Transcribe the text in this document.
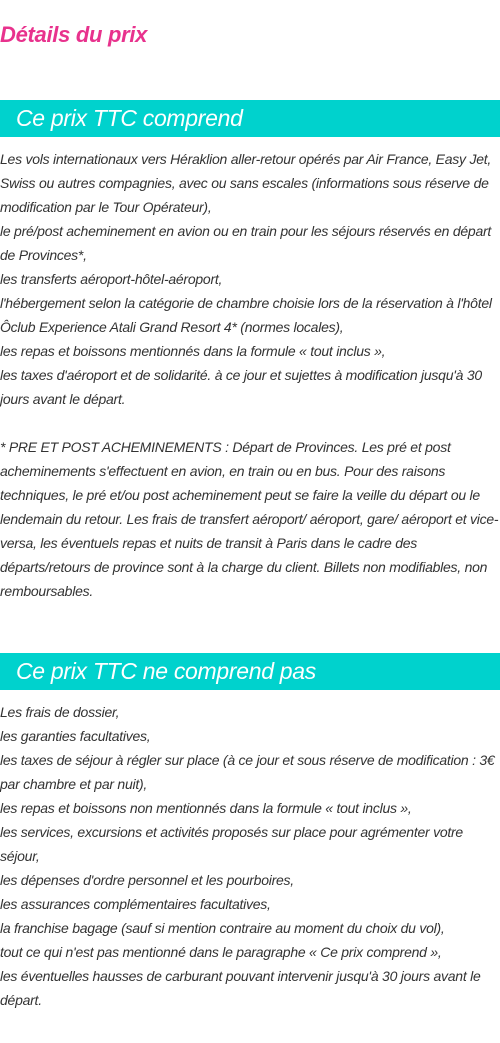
Détails du prix
Ce prix TTC comprend

Les vols internationaux vers Héraklion aller-retour opérés par Air France, Easy Jet, Swiss ou autres compagnies, avec ou sans escales (informations sous réserve de modification par le Tour Opérateur),
le pré/post acheminement en avion ou en train pour les séjours réservés en départ de Provinces*,
les transferts aéroport-hôtel-aéroport,
l'hébergement selon la catégorie de chambre choisie lors de la réservation à l'hôtel Ôclub Experience Atali Grand Resort 4* (normes locales),
les repas et boissons mentionnés dans la formule « tout inclus »,
les taxes d'aéroport et de solidarité. à ce jour et sujettes à modification jusqu'à 30 jours avant le départ.

* PRE ET POST ACHEMINEMENTS : Départ de Provinces. Les pré et post acheminements s'effectuent en avion, en train ou en bus. Pour des raisons techniques, le pré et/ou post acheminement peut se faire la veille du départ ou le lendemain du retour. Les frais de transfert aéroport/ aéroport, gare/ aéroport et vice-versa, les éventuels repas et nuits de transit à Paris dans le cadre des départs/retours de province sont à la charge du client. Billets non modifiables, non remboursables.

Ce prix TTC ne comprend pas

Les frais de dossier,
les garanties facultatives,
les taxes de séjour à régler sur place (à ce jour et sous réserve de modification : 3€ par chambre et par nuit),
les repas et boissons non mentionnés dans la formule « tout inclus »,
les services, excursions et activités proposés sur place pour agrémenter votre séjour,
les dépenses d'ordre personnel et les pourboires,
les assurances complémentaires facultatives,
la franchise bagage (sauf si mention contraire au moment du choix du vol),
tout ce qui n'est pas mentionné dans le paragraphe « Ce prix comprend »,
les éventuelles hausses de carburant pouvant intervenir jusqu'à 30 jours avant le départ.
